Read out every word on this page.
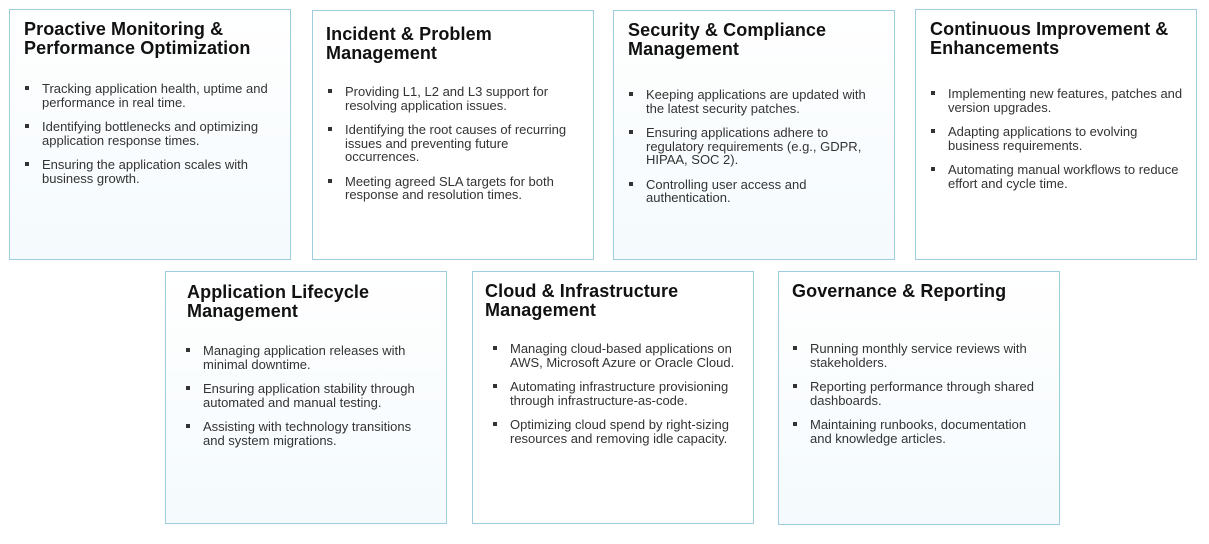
Proactive Monitoring & Performance Optimization
Tracking application health, uptime and performance in real time.
Identifying bottlenecks and optimizing application response times.
Ensuring the application scales with business growth.
Incident & Problem Management
Providing L1, L2 and L3 support for resolving application issues.
Identifying the root causes of recurring issues and preventing future occurrences.
Meeting agreed SLA targets for both response and resolution times.
Security & Compliance Management
Keeping applications are updated with the latest security patches.
Ensuring applications adhere to regulatory requirements (e.g., GDPR, HIPAA, SOC 2).
Controlling user access and authentication.
Continuous Improvement & Enhancements
Implementing new features, patches and version upgrades.
Adapting applications to evolving business requirements.
Automating manual workflows to reduce effort and cycle time.
Application Lifecycle Management
Managing application releases with minimal downtime.
Ensuring application stability through automated and manual testing.
Assisting with technology transitions and system migrations.
Cloud & Infrastructure Management
Managing cloud-based applications on AWS, Microsoft Azure or Oracle Cloud.
Automating infrastructure provisioning through infrastructure-as-code.
Optimizing cloud spend by right-sizing resources and removing idle capacity.
Governance & Reporting
Running monthly service reviews with stakeholders.
Reporting performance through shared dashboards.
Maintaining runbooks, documentation and knowledge articles.
